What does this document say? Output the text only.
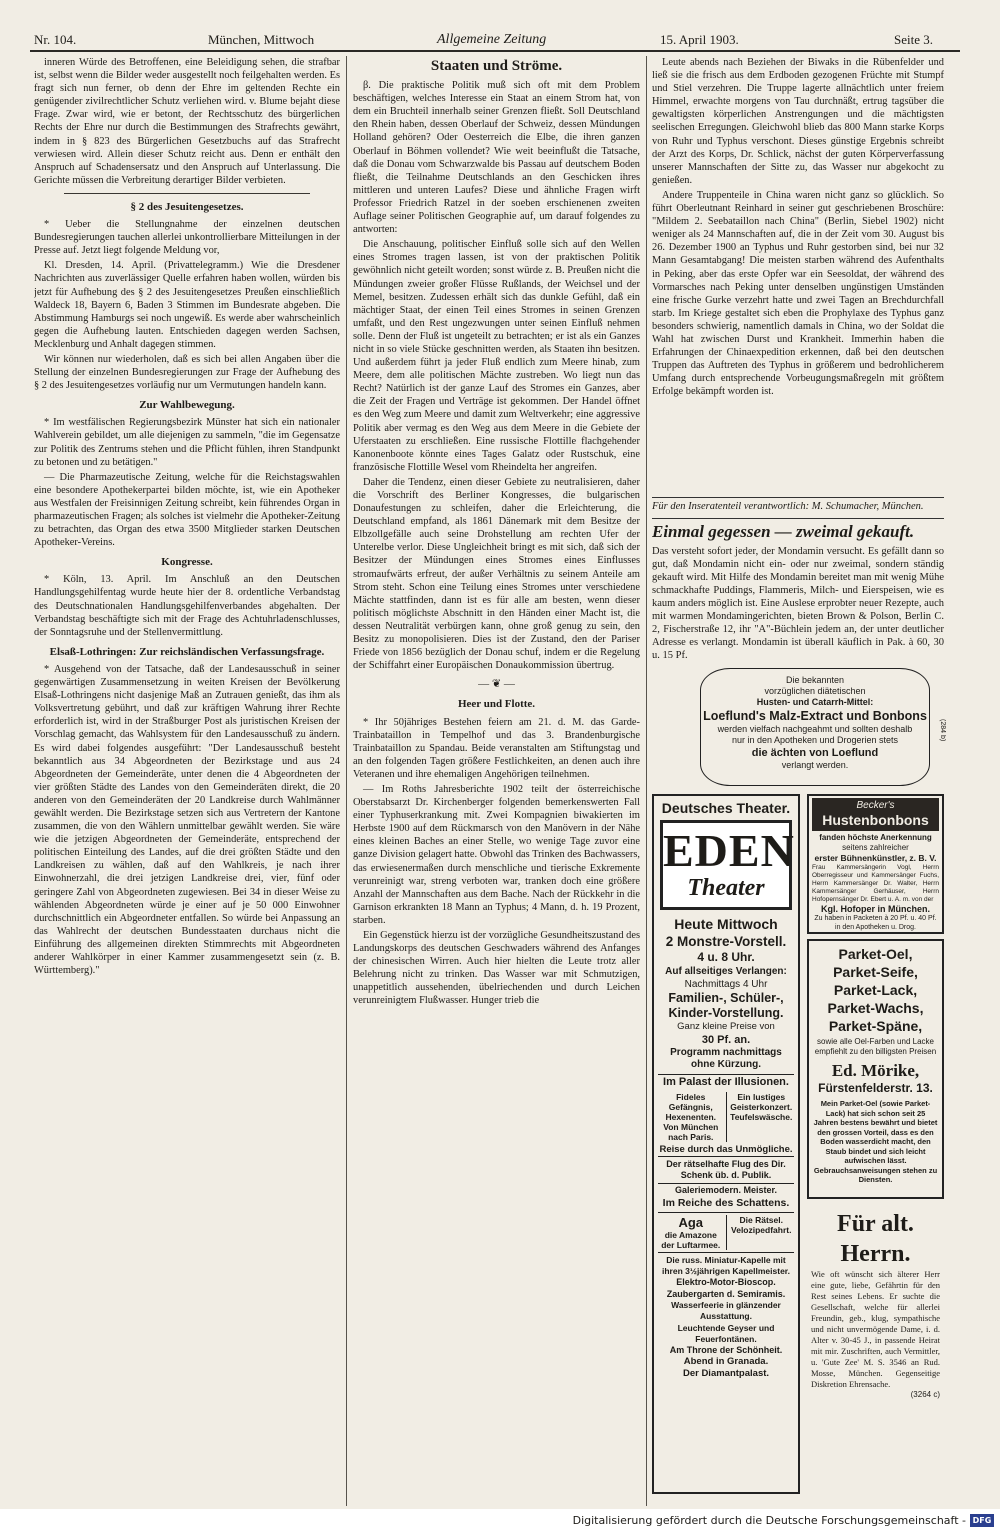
Nr. 104.	München, Mittwoch	Allgemeine Zeitung	15. April 1903.	Seite 3.

inneren Würde des Betroffenen, eine Beleidigung sehen, die strafbar ist, selbst wenn die Bilder weder ausgestellt noch feilgehalten werden. Es fragt sich nun ferner, ob denn der Ehre im geltenden Rechte ein genügender zivilrechtlicher Schutz verliehen wird. v. Blume bejaht diese Frage. Zwar wird, wie er betont, der Rechtsschutz des bürgerlichen Rechts der Ehre nur durch die Bestimmungen des Strafrechts gewährt, indem in § 823 des Bürgerlichen Gesetzbuchs auf das Strafrecht verwiesen wird. Allein dieser Schutz reicht aus. Denn er enthält den Anspruch auf Schadensersatz und den Anspruch auf Unterlassung. Die Gerichte müssen die Verbreitung derartiger Bilder verbieten.

§ 2 des Jesuitengesetzes.

* Ueber die Stellungnahme der einzelnen deutschen Bundesregierungen tauchen allerlei unkontrollierbare Mitteilungen in der Presse auf. Jetzt liegt folgende Meldung vor,

Kl. Dresden, 14. April. (Privattelegramm.) Wie die Dresdener Nachrichten aus zuverlässiger Quelle erfahren haben wollen, würden bis jetzt für Aufhebung des § 2 des Jesuitengesetzes Preußen einschließlich Waldeck 18, Bayern 6, Baden 3 Stimmen im Bundesrate abgeben. Die Abstimmung Hamburgs sei noch ungewiß. Es werde aber wahrscheinlich gegen die Aufhebung lauten. Entschieden dagegen werden Sachsen, Mecklenburg und Anhalt dagegen stimmen.

Wir können nur wiederholen, daß es sich bei allen Angaben über die Stellung der einzelnen Bundesregierungen zur Frage der Aufhebung des § 2 des Jesuitengesetzes vorläufig nur um Vermutungen handeln kann.

Zur Wahlbewegung.

* Im westfälischen Regierungsbezirk Münster hat sich ein nationaler Wahlverein gebildet, um alle diejenigen zu sammeln, "die im Gegensatze zur Politik des Zentrums stehen und die Pflicht fühlen, ihren Standpunkt zu betonen und zu betätigen."

— Die Pharmazeutische Zeitung, welche für die Reichstagswahlen eine besondere Apothekerpartei bilden möchte, ist, wie ein Apotheker aus Westfalen der Freisinnigen Zeitung schreibt, kein führendes Organ in pharmazeutischen Fragen; als solches ist vielmehr die Apotheker-Zeitung zu betrachten, das Organ des etwa 3500 Mitglieder starken Deutschen Apotheker-Vereins.

Kongresse.

* Köln, 13. April. Im Anschluß an den Deutschen Handlungsgehilfentag wurde heute hier der 8. ordentliche Verbandstag des Deutschnationalen Handlungsgehilfenverbandes abgehalten. Der Verbandstag beschäftigte sich mit der Frage des Achtuhrladenschlusses, der Sonntagsruhe und der Stellenvermittlung.

Elsaß-Lothringen: Zur reichsländischen Verfassungsfrage.

* Ausgehend von der Tatsache, daß der Landesausschuß in seiner gegenwärtigen Zusammensetzung in weiten Kreisen der Bevölkerung Elsaß-Lothringens nicht dasjenige Maß an Zutrauen genießt, das ihm als Volksvertretung gebührt, und daß zur kräftigen Wahrung ihrer Rechte erforderlich ist, wird in der Straßburger Post als juristischen Kreisen der Vorschlag gemacht, das Wahlsystem für den Landesausschuß zu ändern. Es wird dabei folgendes ausgeführt: "Der Landesausschuß besteht bekanntlich aus 34 Abgeordneten der Bezirkstage und aus 24 Abgeordneten der Gemeinderäte, unter denen die 4 Abgeordneten der vier größten Städte des Landes von den Gemeinderäten direkt, die 20 anderen von den Gemeinderäten der 20 Landkreise durch Wahlmänner gewählt werden. Die Bezirkstage setzen sich aus Vertretern der Kantone zusammen, die von den Wählern unmittelbar gewählt werden. Sie wäre wie die jetzigen Abgeordneten der Gemeinderäte, entsprechend der politischen Einteilung des Landes, auf die drei größten Städte und den Landkreisen zu wählen, daß auf den Wahlkreis, je nach ihrer Einwohnerzahl, die drei jetzigen Landkreise drei, vier, fünf oder geringere Zahl von Abgeordneten zugewiesen. Bei 34 in dieser Weise zu wählenden Abgeordneten würde je einer auf je 50 000 Einwohner durchschnittlich ein Abgeordneter entfallen. So würde bei Anpassung an das Wahlrecht der deutschen Bundesstaaten durchaus nicht die Einführung des allgemeinen direkten Stimmrechts mit Abgeordneten anderer Wahlkörper in einer Kammer zusammengesetzt sein (z. B. Württemberg)."

Staaten und Ströme.

β. Die praktische Politik muß sich oft mit dem Problem beschäftigen, welches Interesse ein Staat an einem Strom hat, von dem ein Bruchteil innerhalb seiner Grenzen fließt. Soll Deutschland den Rhein haben, dessen Oberlauf der Schweiz, dessen Mündungen Holland gehören? Oder Oesterreich die Elbe, die ihren ganzen Oberlauf in Böhmen vollendet? Wie weit beeinflußt die Tatsache, daß die Donau vom Schwarzwalde bis Passau auf deutschem Boden fließt, die Teilnahme Deutschlands an den Geschicken ihres mittleren und unteren Laufes? Diese und ähnliche Fragen wirft Professor Friedrich Ratzel in der soeben erschienenen zweiten Auflage seiner Politischen Geographie auf, um darauf folgendes zu antworten:

Die Anschauung, politischer Einfluß solle sich auf den Wellen eines Stromes tragen lassen, ist von der praktischen Politik gewöhnlich nicht geteilt worden; sonst würde z. B. Preußen nicht die Mündungen zweier großer Flüsse Rußlands, der Weichsel und der Memel, besitzen. Zudessen erhält sich das dunkle Gefühl, daß ein mächtiger Staat, der einen Teil eines Stromes in seinen Grenzen umfaßt, und den Rest ungezwungen unter seinen Einfluß nehmen solle. Denn der Fluß ist ungeteilt zu betrachten; er ist als ein Ganzes nicht in so viele Stücke geschnitten werden, als Staaten ihn besitzen. Und außerdem führt ja jeder Fluß endlich zum Meere hinab, zum Meere, dem alle politischen Mächte zustreben. Wo liegt nun das Recht? Natürlich ist der ganze Lauf des Stromes ein Ganzes, aber die Zeit der Fragen und Verträge ist gekommen. Der Handel öffnet es den Weg zum Meere und damit zum Weltverkehr; eine aggressive Politik aber vermag es den Weg aus dem Meere in die Gebiete der Uferstaaten zu erschließen. Eine russische Flottille flachgehender Kanonenboote könnte eines Tages Galatz oder Rustschuk, eine französische Flottille Wesel vom Rheindelta her angreifen.

Daher die Tendenz, einen dieser Gebiete zu neutralisieren, daher die Vorschrift des Berliner Kongresses, die bulgarischen Donaufestungen zu schleifen, daher die Erleichterung, die Deutschland empfand, als 1861 Dänemark mit dem Besitze der Elbzollgefälle auch seine Drohstellung am rechten Ufer der Unterelbe verlor. Diese Ungleichheit bringt es mit sich, daß sich der Besitzer der Mündungen eines Stromes eines Einflusses stromaufwärts erfreut, der außer Verhältnis zu seinem Anteile am Strom steht. Schon eine Teilung eines Stromes unter verschiedene Mächte stattfinden, dann ist es für alle am besten, wenn dieser politisch möglichste Abschnitt in den Händen einer Macht ist, die dessen Neutralität verbürgen kann, ohne groß genug zu sein, den Besitz zu monopolisieren. Dies ist der Zustand, den der Pariser Friede von 1856 bezüglich der Donau schuf, indem er die Regelung der Schiffahrt einer Europäischen Donaukommission übertrug.

— ❦ —
Heer und Flotte.

* Ihr 50jähriges Bestehen feiern am 21. d. M. das Garde-Trainbataillon in Tempelhof und das 3. Brandenburgische Trainbataillon zu Spandau. Beide veranstalten am Stiftungstag und an den folgenden Tagen größere Festlichkeiten, an denen auch ihre Veteranen und ihre ehemaligen Angehörigen teilnehmen.

— Im Roths Jahresberichte 1902 teilt der österreichische Oberstabsarzt Dr. Kirchenberger folgenden bemerkenswerten Fall einer Typhuserkrankung mit. Zwei Kompagnien biwakierten im Herbste 1900 auf dem Rückmarsch von den Manövern in der Nähe eines kleinen Baches an einer Stelle, wo wenige Tage zuvor eine ganze Division gelagert hatte. Obwohl das Trinken des Bachwassers, das erwiesenermaßen durch menschliche und tierische Exkremente verunreinigt war, streng verboten war, tranken doch eine größere Anzahl der Mannschaften aus dem Bache. Nach der Rückkehr in die Garnison erkrankten 18 Mann an Typhus; 4 Mann, d. h. 19 Prozent, starben.

Ein Gegenstück hierzu ist der vorzügliche Gesundheitszustand des Landungskorps des deutschen Geschwaders während des Anfanges der chinesischen Wirren. Auch hier hielten die Leute trotz aller Belehrung nicht zu trinken. Das Wasser war mit Schmutzigen, unappetitlich aussehenden, übelriechenden und durch Leichen verunreinigtem Flußwasser. Hunger trieb die

Leute abends nach Beziehen der Biwaks in die Rübenfelder und ließ sie die frisch aus dem Erdboden gezogenen Früchte mit Stumpf und Stiel verzehren. Die Truppe lagerte allnächtlich unter freiem Himmel, erwachte morgens von Tau durchnäßt, ertrug tagsüber die gewaltigsten körperlichen Anstrengungen und die mächtigsten seelischen Erregungen. Gleichwohl blieb das 800 Mann starke Korps von Ruhr und Typhus verschont. Dieses günstige Ergebnis schreibt der Arzt des Korps, Dr. Schlick, nächst der guten Körperverfassung unserer Mannschaften der Sitte zu, das Wasser nur abgekocht zu genießen.

Andere Truppenteile in China waren nicht ganz so glücklich. So führt Oberleutnant Reinhard in seiner gut geschriebenen Broschüre: "Mildem 2. Seebataillon nach China" (Berlin, Siebel 1902) nicht weniger als 24 Mannschaften auf, die in der Zeit vom 30. August bis 26. Dezember 1900 an Typhus und Ruhr gestorben sind, bei nur 32 Mann Gesamtabgang! Die meisten starben während des Aufenthalts in Peking, aber das erste Opfer war ein Seesoldat, der während des Vormarsches nach Peking unter denselben ungünstigen Umständen eine frische Gurke verzehrt hatte und zwei Tagen an Brechdurchfall starb. Im Kriege gestaltet sich eben die Prophylaxe des Typhus ganz besonders schwierig, namentlich damals in China, wo der Soldat die Wahl hat zwischen Durst und Krankheit. Immerhin haben die Erfahrungen der Chinaexpedition erkennen, daß bei den deutschen Truppen das Auftreten des Typhus in größerem und bedrohlicherem Umfang durch entsprechende Vorbeugungsmaßregeln mit größtem Erfolge bekämpft worden ist.

Für den Inseratenteil verantwortlich: M. Schumacher, München.
Einmal gegessen — zweimal gekauft.
Das versteht sofort jeder, der Mondamin versucht. Es gefällt dann so gut, daß Mondamin nicht ein- oder nur zweimal, sondern ständig gekauft wird. Mit Hilfe des Mondamin bereitet man mit wenig Mühe schmackhafte Puddings, Flammeris, Milch- und Eierspeisen, wie es kaum anders möglich ist. Eine Auslese erprobter neuer Rezepte, auch mit warmen Mondamingerichten, bieten Brown & Polson, Berlin C. 2, Fischerstraße 12, ihr "A"-Büchlein jedem an, der unter deutlicher Adresse es verlangt. Mondamin ist überall käuflich in Pak. à 60, 30 u. 15 Pf.
Die bekannten
vorzüglichen diätetischen
Husten- und Catarrh-Mittel:
Loeflund's Malz-Extract und Bonbons
werden vielfach nachgeahmt und sollten deshalb
nur in den Apotheken und Drogerien stets
die ächten von Loeflund
verlangt werden.
(284 b)
Deutsches Theater.
EDEN
Theater
Heute Mittwoch
2 Monstre-Vorstell.
4 u. 8 Uhr.
Auf allseitiges Verlangen:
Nachmittags 4 Uhr
Familien-, Schüler-,
Kinder-Vorstellung.
Ganz kleine Preise von
30 Pf. an.
Programm nachmittags
ohne Kürzung.
Im Palast der Illusionen.
Fideles Gefängnis, Hexenenten. Von München nach Paris.
Ein lustiges Geisterkonzert. Teufelswäsche.
Reise durch das Unmögliche.
Der rätselhafte Flug des Dir. Schenk üb. d. Publik.
Galeriemodern. Meister.
Im Reiche des Schattens.
Aga
die Amazone der Luftarmee.
Die Rätsel. Velozipedfahrt.
Die russ. Miniatur-Kapelle mit ihren 3½jährigen Kapellmeister.
Elektro-Motor-Bioscop.
Zaubergarten d. Semiramis.
Wasserfeerie in glänzender Ausstattung.
Leuchtende Geyser und Feuerfontänen.
Am Throne der Schönheit.
Abend in Granada.
Der Diamantpalast.
Becker's
Hustenbonbons
fanden höchste Anerkennung
seitens zahlreicher
erster Bühnenkünstler, z. B. V.
Frau Kammersängerin Vogl, Herrn Oberregisseur und Kammersänger Fuchs, Herrn Kammersänger Dr. Walter, Herrn Kammersänger Gerhäuser, Herrn Hofopernsänger Dr. Ebert u. A. m. von der
Kgl. Hofoper in München.
Zu haben in Packeten à 20 Pf. u. 40 Pf. in den Apotheken u. Drog.
Parket-Oel,
Parket-Seife,
Parket-Lack,
Parket-Wachs,
Parket-Späne,
sowie alle Oel-Farben und Lacke empfiehlt zu den billigsten Preisen
Ed. Mörike,
Fürstenfelderstr. 13.
Mein Parket-Oel (sowie Parket-Lack) hat sich schon seit 25 Jahren bestens bewährt und bietet den grossen Vorteil, dass es den Boden wasserdicht macht, den Staub bindet und sich leicht aufwischen lässt. Gebrauchsanweisungen stehen zu Diensten.
Für alt. Herrn.
Wie oft wünscht sich älterer Herr eine gute, liebe, Gefährtin für den Rest seines Lebens. Er suchte die Gesellschaft, welche für allerlei Freundin, geb., klug, sympathische und nicht unvermögende Dame, i. d. Alter v. 30-45 J., in passende Heirat mit mir. Zuschriften, auch Vermittler, u. 'Gute Zee' M. S. 3546 an Rud. Mosse, München. Gegenseitige Diskretion Ehrensache.
(3264 c)
Digitalisierung gefördert durch die Deutsche Forschungsgemeinschaft - DFG
